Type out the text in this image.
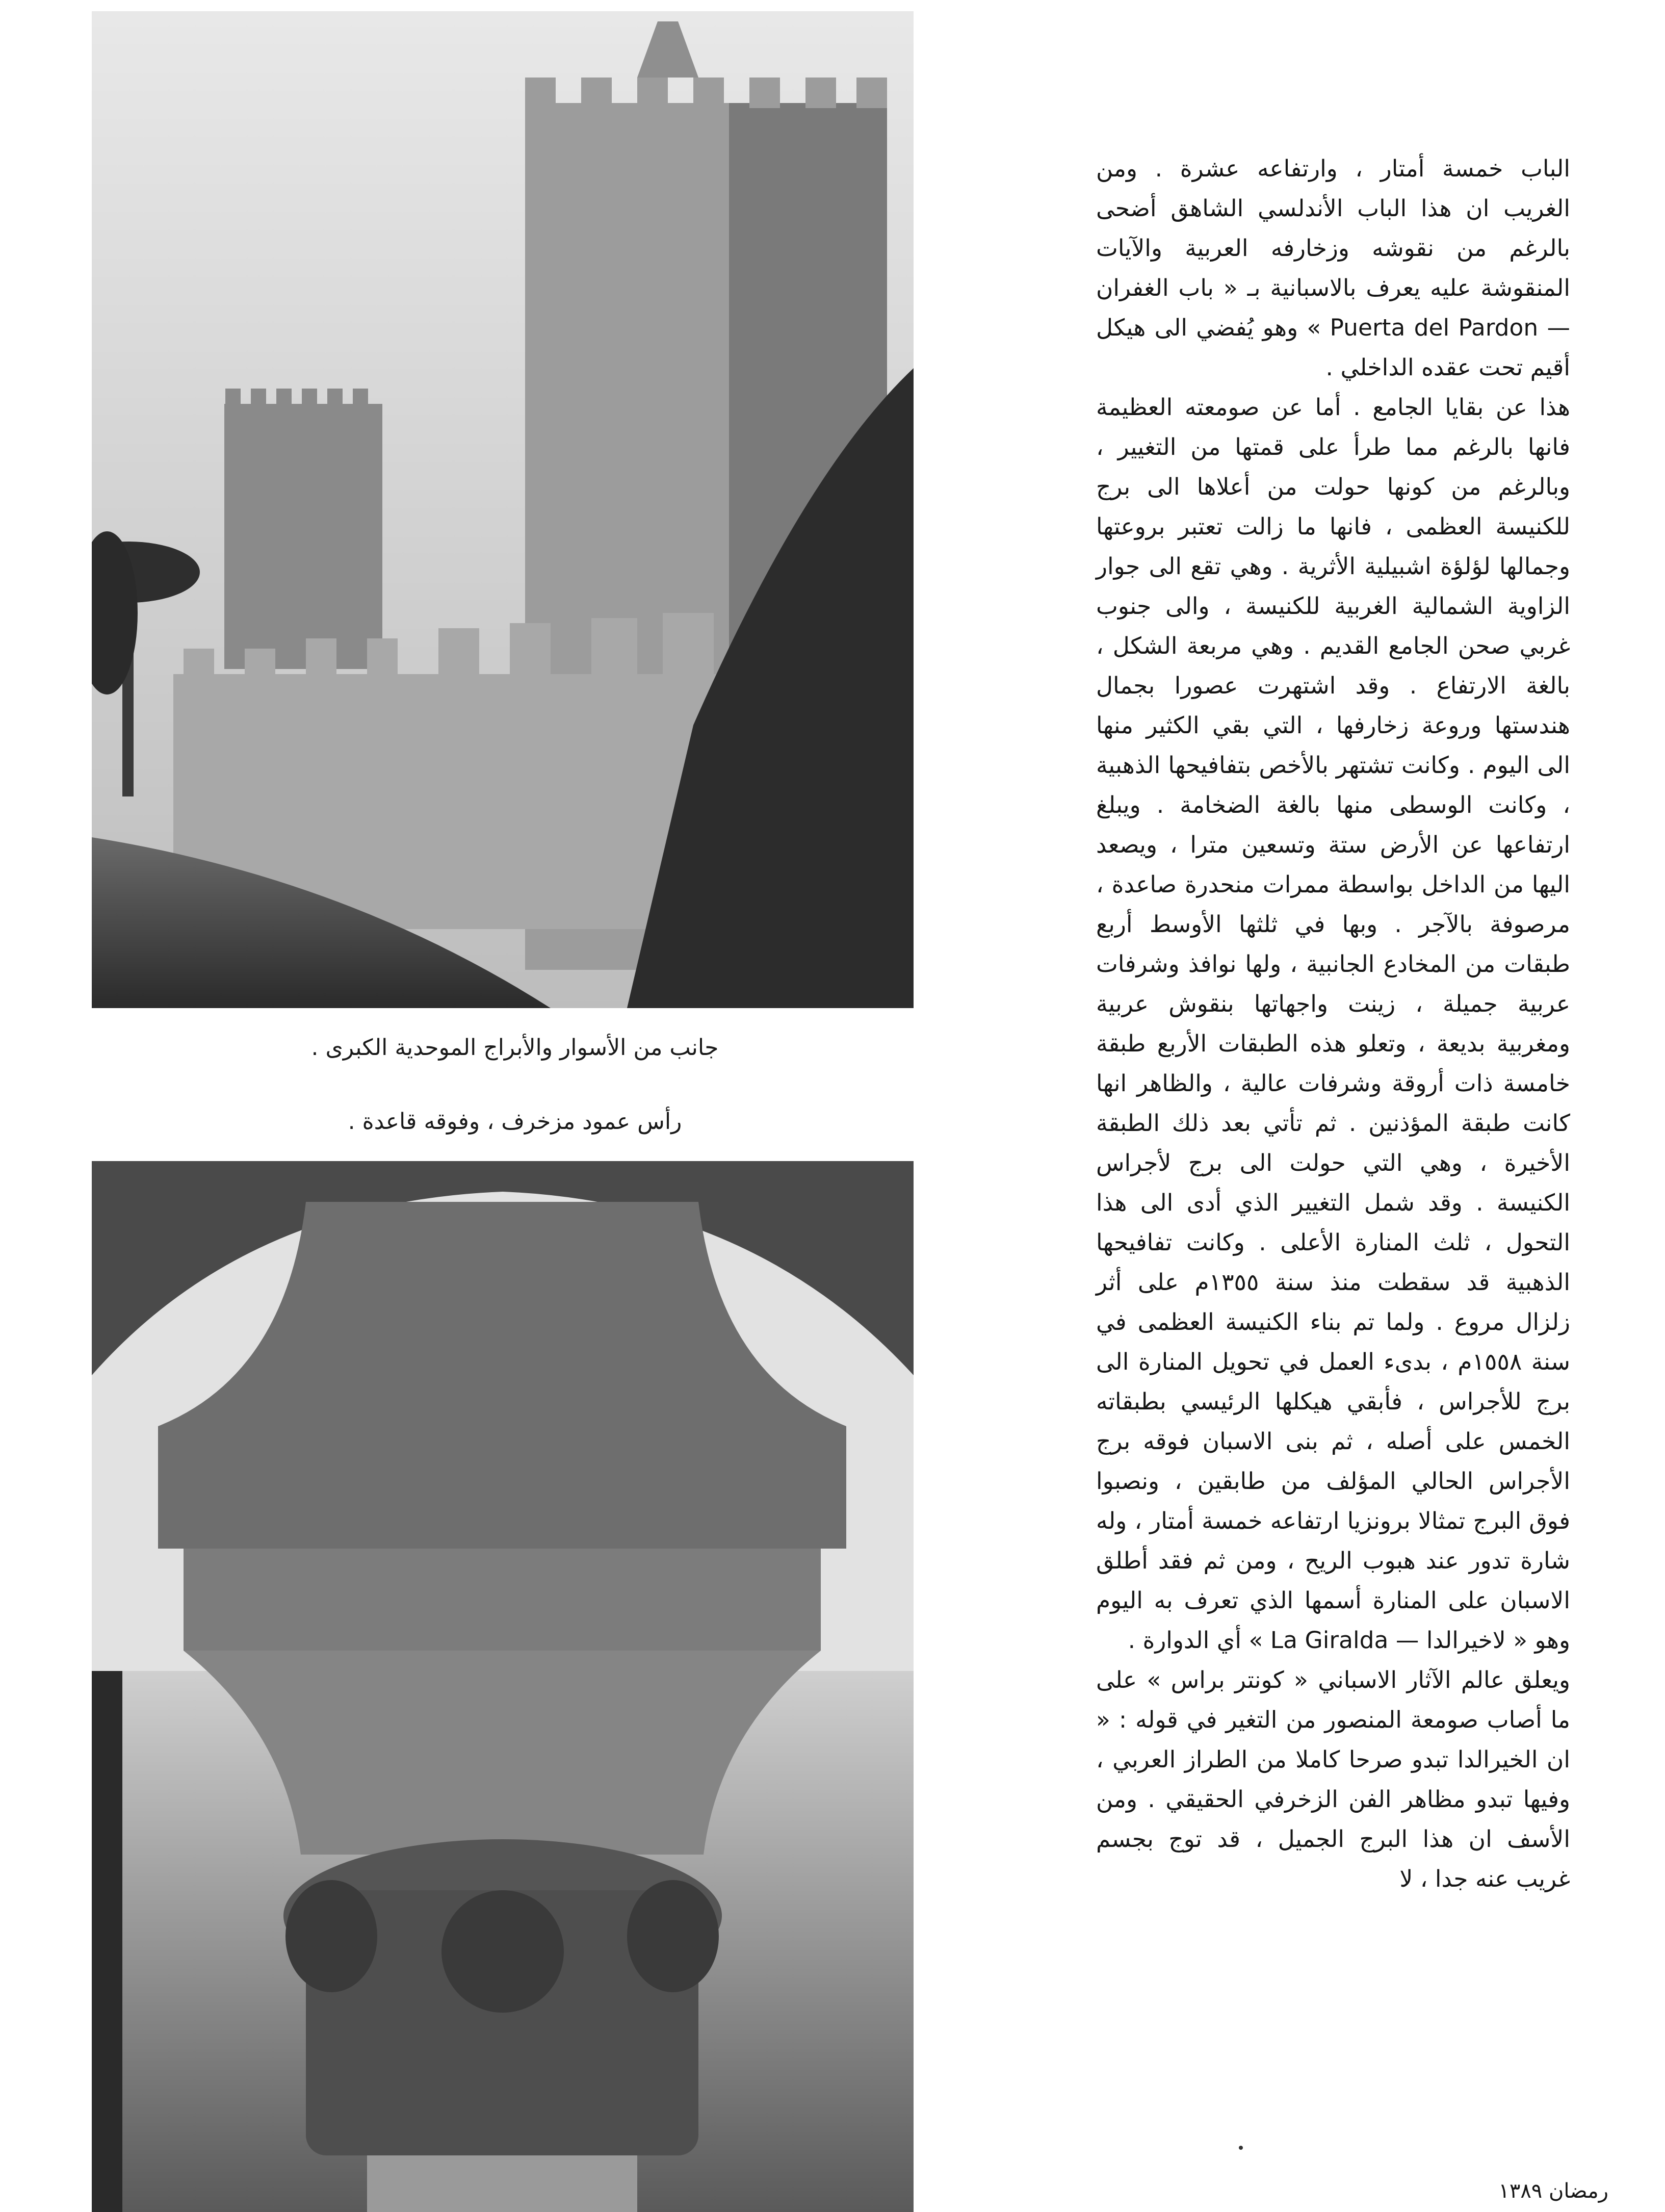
جانب من الأسوار والأبراج الموحدية الكبرى .
رأس عمود مزخرف ، وفوقه قاعدة .

الباب خمسة أمتار ، وارتفاعه عشرة . ومن الغريب ان هذا الباب الأندلسي الشاهق أضحى بالرغم من نقوشه وزخارفه العربية والآيات المنقوشة عليه يعرف بالاسبانية بـ « باب الغفران — Puerta del Pardon » وهو يُفضي الى هيكل أقيم تحت عقده الداخلي .

هذا عن بقايا الجامع . أما عن صومعته العظيمة فانها بالرغم مما طرأ على قمتها من التغيير ، وبالرغم من كونها حولت من أعلاها الى برج للكنيسة العظمى ، فانها ما زالت تعتبر بروعتها وجمالها لؤلؤة اشبيلية الأثرية . وهي تقع الى جوار الزاوية الشمالية الغربية للكنيسة ، والى جنوب غربي صحن الجامع القديم . وهي مربعة الشكل ، بالغة الارتفاع . وقد اشتهرت عصورا بجمال هندستها وروعة زخارفها ، التي بقي الكثير منها الى اليوم . وكانت تشتهر بالأخص بتفافيحها الذهبية ، وكانت الوسطى منها بالغة الضخامة . ويبلغ ارتفاعها عن الأرض ستة وتسعين مترا ، ويصعد اليها من الداخل بواسطة ممرات منحدرة صاعدة ، مرصوفة بالآجر . وبها في ثلثها الأوسط أربع طبقات من المخادع الجانبية ، ولها نوافذ وشرفات عربية جميلة ، زينت واجهاتها بنقوش عربية ومغربية بديعة ، وتعلو هذه الطبقات الأربع طبقة خامسة ذات أروقة وشرفات عالية ، والظاهر انها كانت طبقة المؤذنين . ثم تأتي بعد ذلك الطبقة الأخيرة ، وهي التي حولت الى برج لأجراس الكنيسة . وقد شمل التغيير الذي أدى الى هذا التحول ، ثلث المنارة الأعلى . وكانت تفافيحها الذهبية قد سقطت منذ سنة ١٣٥٥م على أثر زلزال مروع . ولما تم بناء الكنيسة العظمى في سنة ١٥٥٨م ، بدىء العمل في تحويل المنارة الى برج للأجراس ، فأبقي هيكلها الرئيسي بطبقاته الخمس على أصله ، ثم بنى الاسبان فوقه برج الأجراس الحالي المؤلف من طابقين ، ونصبوا فوق البرج تمثالا برونزيا ارتفاعه خمسة أمتار ، وله شارة تدور عند هبوب الريح ، ومن ثم فقد أطلق الاسبان على المنارة أسمها الذي تعرف به اليوم وهو « لاخيرالدا — La Giralda » أي الدوارة .

ويعلق عالم الآثار الاسباني « كونتر براس » على ما أصاب صومعة المنصور من التغير في قوله : « ان الخيرالدا تبدو صرحا كاملا من الطراز العربي ، وفيها تبدو مظاهر الفن الزخرفي الحقيقي . ومن الأسف ان هذا البرج الجميل ، قد توج بجسم غريب عنه جدا ، لا

رمضان ١٣٨٩
